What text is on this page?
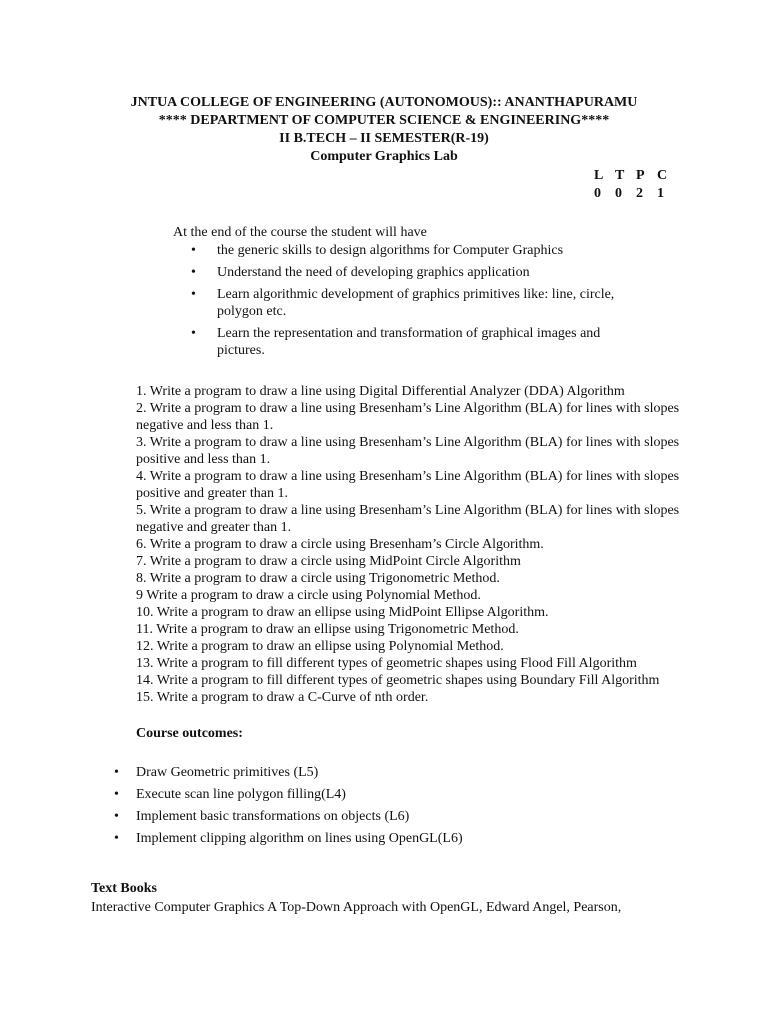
JNTUA COLLEGE OF ENGINEERING (AUTONOMOUS):: ANANTHAPURAMU
**** DEPARTMENT OF COMPUTER SCIENCE & ENGINEERING****
II B.TECH – II SEMESTER(R-19)
Computer Graphics Lab
L T P C
0 0 2 1
At the end of the course the student will have
• the generic skills to design algorithms for Computer Graphics
• Understand the need of developing graphics application
• Learn algorithmic development of graphics primitives like: line, circle, polygon etc.
• Learn the representation and transformation of graphical images and pictures.
1. Write a program to draw a line using Digital Differential Analyzer (DDA) Algorithm
2. Write a program to draw a line using Bresenham’s Line Algorithm (BLA) for lines with slopes negative and less than 1.
3. Write a program to draw a line using Bresenham’s Line Algorithm (BLA) for lines with slopes positive and less than 1.
4. Write a program to draw a line using Bresenham’s Line Algorithm (BLA) for lines with slopes positive and greater than 1.
5. Write a program to draw a line using Bresenham’s Line Algorithm (BLA) for lines with slopes negative and greater than 1.
6. Write a program to draw a circle using Bresenham’s Circle Algorithm.
7. Write a program to draw a circle using MidPoint Circle Algorithm
8. Write a program to draw a circle using Trigonometric Method.
9 Write a program to draw a circle using Polynomial Method.
10. Write a program to draw an ellipse using MidPoint Ellipse Algorithm.
11. Write a program to draw an ellipse using Trigonometric Method.
12. Write a program to draw an ellipse using Polynomial Method.
13. Write a program to fill different types of geometric shapes using Flood Fill Algorithm
14. Write a program to fill different types of geometric shapes using Boundary Fill Algorithm
15. Write a program to draw a C-Curve of nth order.
Course outcomes:
• Draw Geometric primitives (L5)
• Execute scan line polygon filling(L4)
• Implement basic transformations on objects (L6)
• Implement clipping algorithm on lines using OpenGL(L6)
Text Books
Interactive Computer Graphics A Top-Down Approach with OpenGL, Edward Angel, Pearson,
